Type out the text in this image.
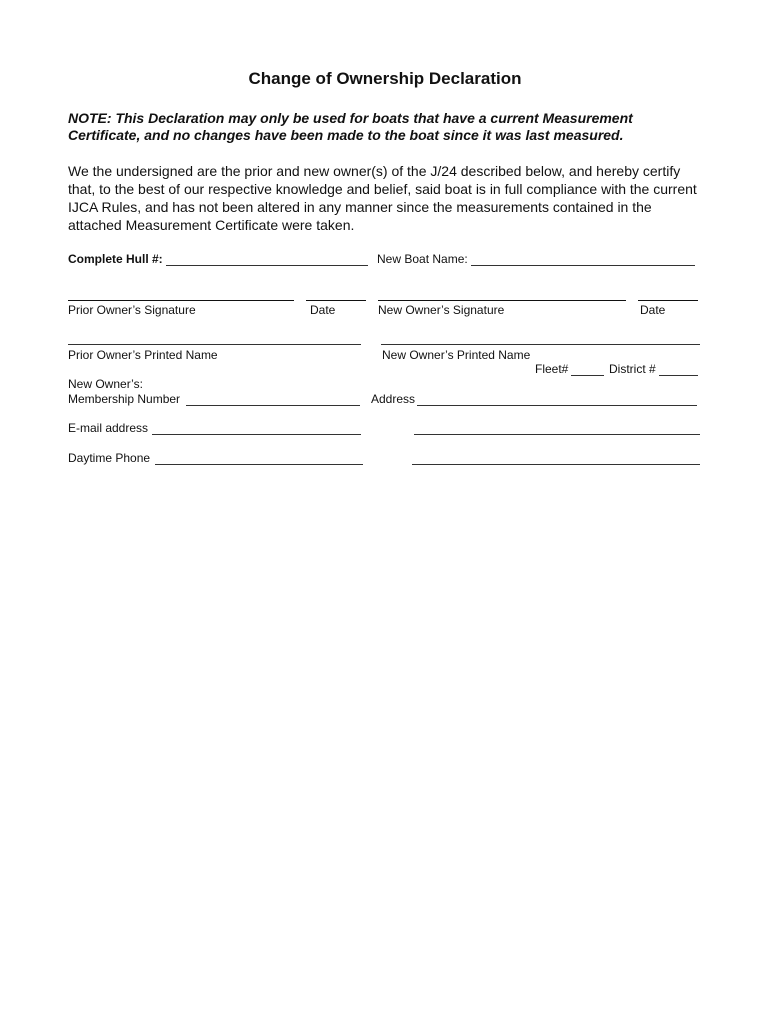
Change of Ownership Declaration
NOTE: This Declaration may only be used for boats that have a current Measurement Certificate, and no changes have been made to the boat since it was last measured.
We the undersigned are the prior and new owner(s) of the J/24 described below, and hereby certify that, to the best of our respective knowledge and belief, said boat is in full compliance with the current IJCA Rules, and has not been altered in any manner since the measurements contained in the attached Measurement Certificate were taken.
Complete Hull #:	New Boat Name:
Prior Owner’s Signature	Date	New Owner’s Signature	Date
Prior Owner’s Printed Name	New Owner’s Printed Name
Fleet#	District #
New Owner’s:
Membership Number	Address
E-mail address
Daytime Phone
